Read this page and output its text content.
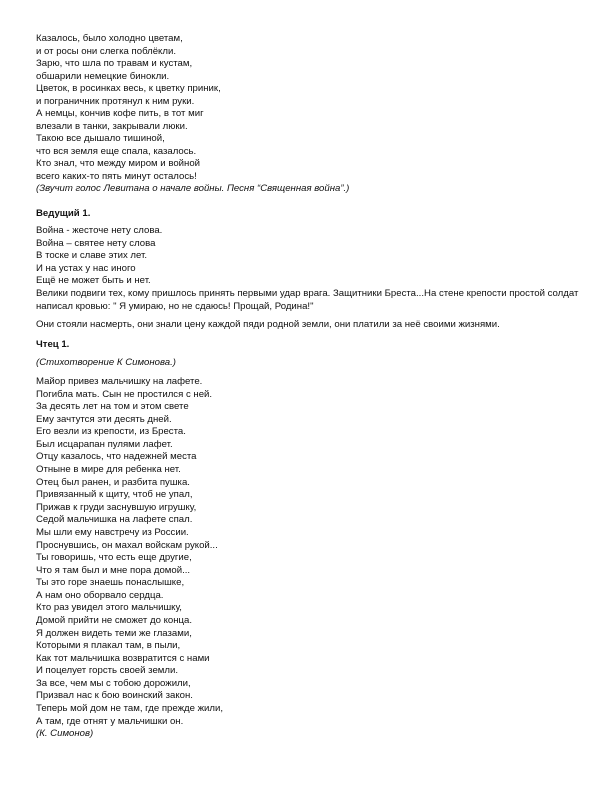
Казалось, было холодно цветам,
и от росы они слегка поблёкли.
Зарю, что шла по травам и кустам,
обшарили немецкие бинокли.
Цветок, в росинках весь, к цветку приник,
и пограничник протянул к ним руки.
А немцы, кончив кофе пить, в тот миг
влезали в танки, закрывали люки.
Такою все дышало тишиной,
что вся земля еще спала, казалось.
Кто знал, что между миром и войной
всего каких-то пять минут осталось!
(Звучит голос Левитана о начале войны. Песня “Священная война”.)
Ведущий 1.
Война - жесточе нету слова.
Война – святее нету слова
В тоске и славе этих лет.
И на устах у нас иного
Ещё не может быть и нет.
Велики подвиги тех, кому пришлось принять первыми удар врага. Защитники Бреста...На стене крепости простой солдат написал кровью: " Я умираю, но не сдаюсь! Прощай, Родина!"
Они стояли насмерть, они знали цену каждой пяди родной земли, они платили за неё своими жизнями.
Чтец 1.
(Стихотворение К Симонова.)
Майор привез мальчишку на лафете.
Погибла мать. Сын не простился с ней.
За десять лет на том и этом свете
Ему зачтутся эти десять дней.
Его везли из крепости, из Бреста.
Был исцарапан пулями лафет.
Отцу казалось, что надежней места
Отныне в мире для ребенка нет.
Отец был ранен, и разбита пушка.
Привязанный к щиту, чтоб не упал,
Прижав к груди заснувшую игрушку,
Седой мальчишка на лафете спал.
Мы шли ему навстречу из России.
Проснувшись, он махал войскам рукой...
Ты говоришь, что есть еще другие,
Что я там был и мне пора домой...
Ты это горе знаешь понаслышке,
А нам оно оборвало сердца.
Кто раз увидел этого мальчишку,
Домой прийти не сможет до конца.
Я должен видеть теми же глазами,
Которыми я плакал там, в пыли,
Как тот мальчишка возвратится с нами
И поцелует горсть своей земли.
За все, чем мы с тобою дорожили,
Призвал нас к бою воинский закон.
Теперь мой дом не там, где прежде жили,
А там, где отнят у мальчишки он.
(К. Симонов)
